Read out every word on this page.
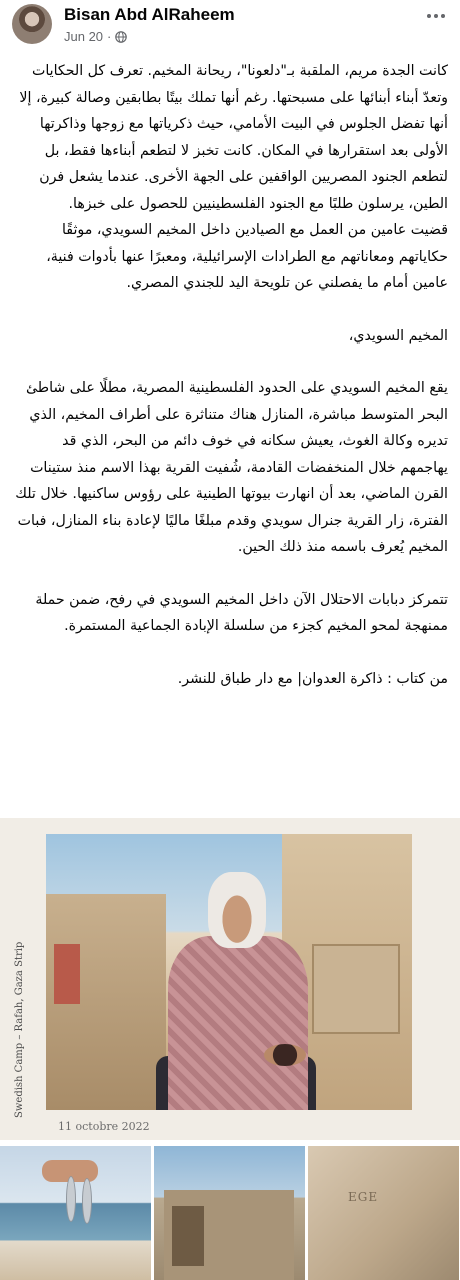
Bisan Abd AlRaheem
Jun 20 ·

كانت الجدة مريم، الملقبة بـ"دلعونا"، ريحانة المخيم. تعرف كل الحكايات وتعدّ أبناء أبنائها على مسبحتها. رغم أنها تملك بيتًا بطابقين وصالة كبيرة، إلا أنها تفضل الجلوس في البيت الأمامي، حيث ذكرياتها مع زوجها وذاكرتها الأولى بعد استقرارها في المكان. كانت تخبز لا لتطعم أبناءها فقط، بل لتطعم الجنود المصريين الواقفين على الجهة الأخرى. عندما يشعل فرن الطين، يرسلون طلبًا مع الجنود الفلسطينيين للحصول على خبزها.

قضيت عامين من العمل مع الصيادين داخل المخيم السويدي، موثقًا حكاياتهم ومعاناتهم مع الطرادات الإسرائيلية، ومعبرًا عنها بأدوات فنية، عامين أمام ما يفصلني عن تلويحة اليد للجندي المصري.

المخيم السويدي،

يقع المخيم السويدي على الحدود الفلسطينية المصرية، مطلًا على شاطئ البحر المتوسط مباشرة، المنازل هناك متناثرة على أطراف المخيم، الذي تديره وكالة الغوث، يعيش سكانه في خوف دائم من البحر، الذي قد يهاجمهم خلال المنخفضات القادمة، شُفيت القرية بهذا الاسم منذ ستينات القرن الماضي، بعد أن انهارت بيوتها الطينية على رؤوس ساكنيها. خلال تلك الفترة، زار القرية جنرال سويدي وقدم مبلغًا ماليًا لإعادة بناء المنازل، فبات المخيم يُعرف باسمه منذ ذلك الحين.

تتمركز دبابات الاحتلال الآن داخل المخيم السويدي في رفح، ضمن حملة ممنهجة لمحو المخيم كجزء من سلسلة الإبادة الجماعية المستمرة.

من كتاب : ذاكرة العدوان| مع دار طباق للنشر.

Swedish Camp – Rafah, Gaza Strip
11 octobre 2022
EGE
